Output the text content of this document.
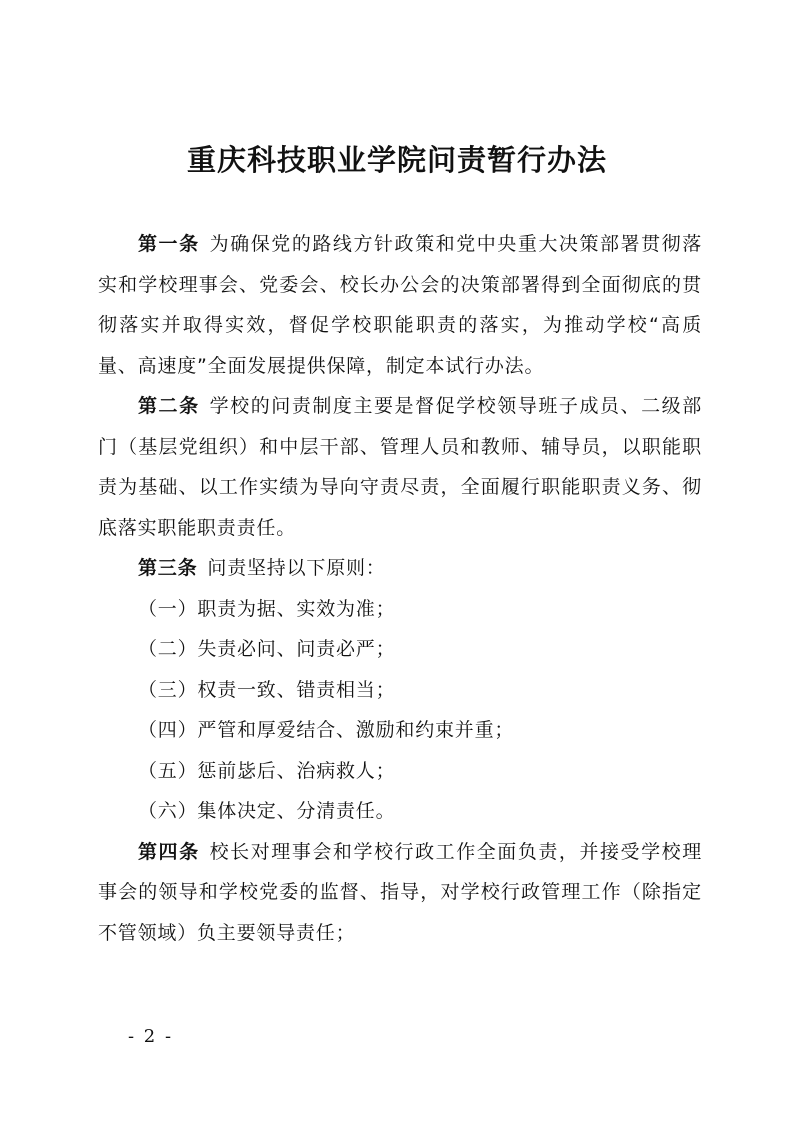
重庆科技职业学院问责暂行办法

第一条 为确保党的路线方针政策和党中央重大决策部署贯彻落实和学校理事会、党委会、校长办公会的决策部署得到全面彻底的贯彻落实并取得实效，督促学校职能职责的落实，为推动学校“高质量、高速度”全面发展提供保障，制定本试行办法。

第二条 学校的问责制度主要是督促学校领导班子成员、二级部门（基层党组织）和中层干部、管理人员和教师、辅导员，以职能职责为基础、以工作实绩为导向守责尽责，全面履行职能职责义务、彻底落实职能职责责任。

第三条 问责坚持以下原则：

（一）职责为据、实效为准；

（二）失责必问、问责必严；

（三）权责一致、错责相当；

（四）严管和厚爱结合、激励和约束并重；

（五）惩前毖后、治病救人；

（六）集体决定、分清责任。

第四条 校长对理事会和学校行政工作全面负责，并接受学校理事会的领导和学校党委的监督、指导，对学校行政管理工作（除指定不管领域）负主要领导责任；

- 2 -
